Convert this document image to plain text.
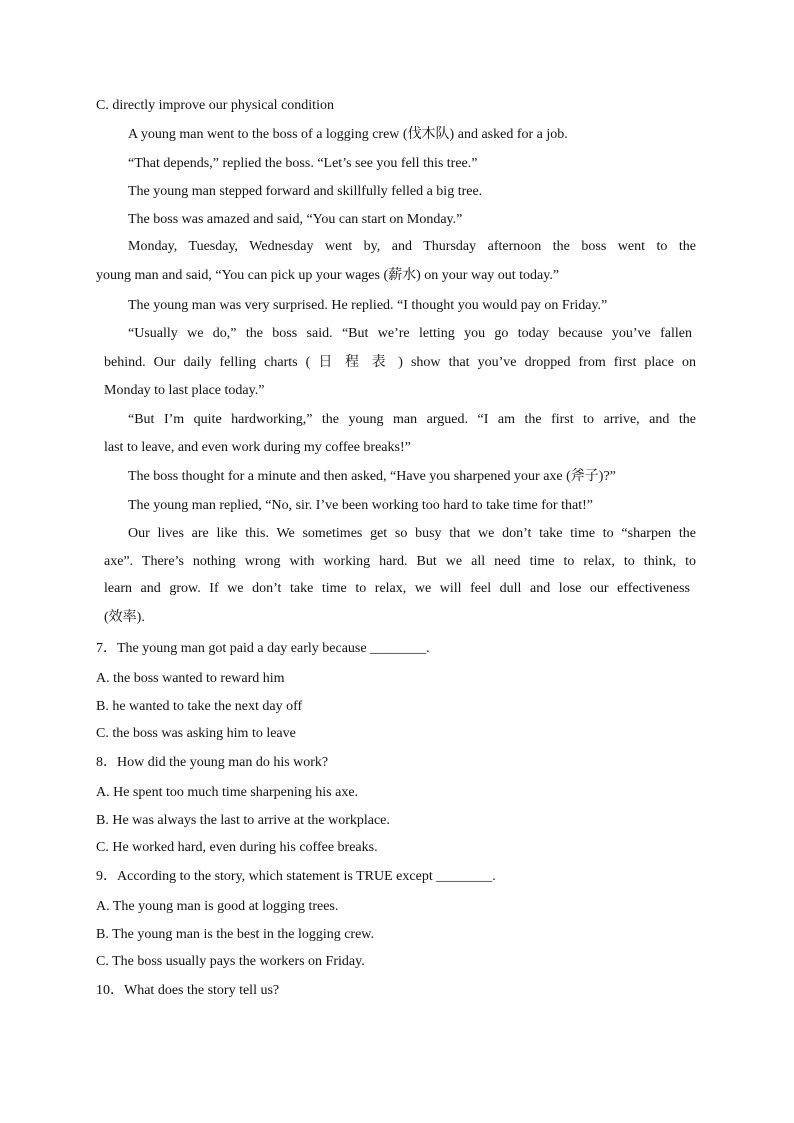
C. directly improve our physical condition
A young man went to the boss of a logging crew (伐木队) and asked for a job.
“That depends,” replied the boss. “Let’s see you fell this tree.”
The young man stepped forward and skillfully felled a big tree.
The boss was amazed and said, “You can start on Monday.”
Monday, Tuesday, Wednesday went by, and Thursday afternoon the boss went to the
young man and said, “You can pick up your wages (薪水) on your way out today.”
The young man was very surprised. He replied. “I thought you would pay on Friday.”
“Usually we do,” the boss said. “But we’re letting you go today because you’ve fallen
behind. Our daily felling charts ( 日 程 表 ) show that you’ve dropped from first place on
Monday to last place today.”
“But I’m quite hardworking,” the young man argued. “I am the first to arrive, and the
last to leave, and even work during my coffee breaks!”
The boss thought for a minute and then asked, “Have you sharpened your axe (斧子)?”
The young man replied, “No, sir. I’ve been working too hard to take time for that!”
Our lives are like this. We sometimes get so busy that we don’t take time to “sharpen the
axe”. There’s nothing wrong with working hard. But we all need time to relax, to think, to
learn and grow. If we don’t take time to relax, we will feel dull and lose our effectiveness
(效率).
7．The young man got paid a day early because ________.
A. the boss wanted to reward him
B. he wanted to take the next day off
C. the boss was asking him to leave
8．How did the young man do his work?
A. He spent too much time sharpening his axe.
B. He was always the last to arrive at the workplace.
C. He worked hard, even during his coffee breaks.
9．According to the story, which statement is TRUE except ________.
A. The young man is good at logging trees.
B. The young man is the best in the logging crew.
C. The boss usually pays the workers on Friday.
10．What does the story tell us?
